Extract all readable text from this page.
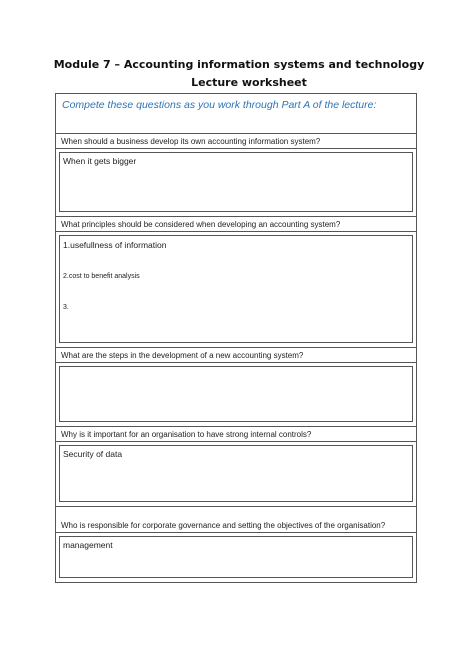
Module 7 – Accounting information systems and technology
Lecture worksheet
Compete these questions as you work through Part A of the lecture:
When should a business develop its own accounting information system?
When it gets bigger
What principles should be considered when developing an accounting system?
1.usefullness of information
2.cost to benefit analysis
3.
What are the steps in the development of a new accounting system?
Why is it important for an organisation to have strong internal controls?
Security of data
Who is responsible for corporate governance and setting the objectives of the organisation?
management
